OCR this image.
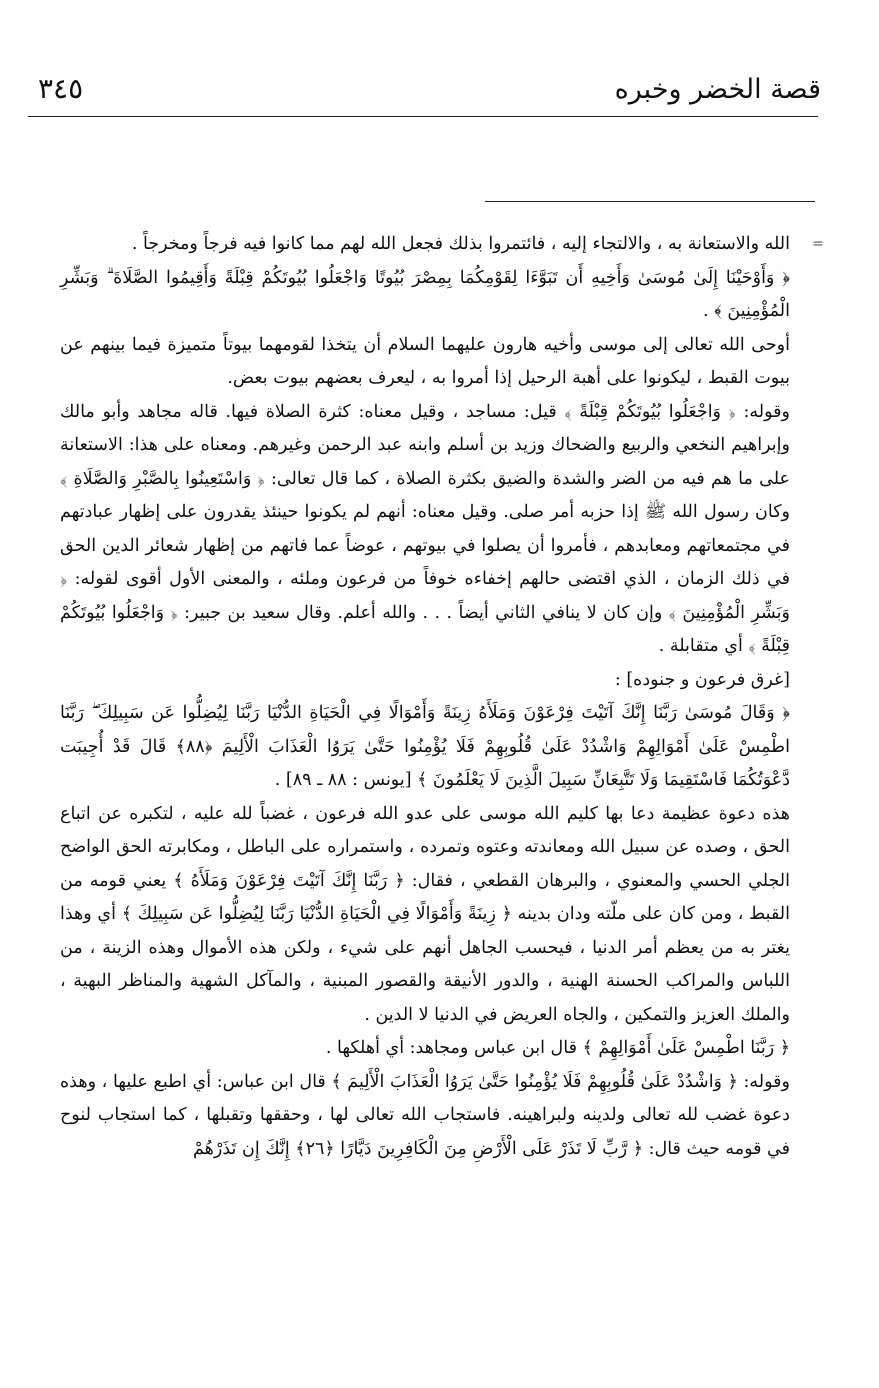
قصة الخضر وخبره
٣٤٥
=

الله والاستعانة به ، والالتجاء إليه ، فائتمروا بذلك فجعل الله لهم مما كانوا فيه فرجاً ومخرجاً .

﴿ وَأَوْحَيْنَا إِلَىٰ مُوسَىٰ وَأَخِيهِ أَن تَبَوَّءَا لِقَوْمِكُمَا بِمِصْرَ بُيُوتًا وَاجْعَلُوا بُيُوتَكُمْ قِبْلَةً وَأَقِيمُوا الصَّلَاةَ ۗ وَبَشِّرِ الْمُؤْمِنِينَ ﴾ .

أوحى الله تعالى إلى موسى وأخيه هارون عليهما السلام أن يتخذا لقومهما بيوتاً متميزة فيما بينهم عن بيوت القبط ، ليكونوا على أهبة الرحيل إذا أمروا به ، ليعرف بعضهم بيوت بعض.

وقوله: ﴿ وَاجْعَلُوا بُيُوتَكُمْ قِبْلَةً ﴾ قيل: مساجد ، وقيل معناه: كثرة الصلاة فيها. قاله مجاهد وأبو مالك وإبراهيم النخعي والربيع والضحاك وزيد بن أسلم وابنه عبد الرحمن وغيرهم. ومعناه على هذا: الاستعانة على ما هم فيه من الضر والشدة والضيق بكثرة الصلاة ، كما قال تعالى: ﴿ وَاسْتَعِينُوا بِالصَّبْرِ وَالصَّلَاةِ ﴾ وكان رسول الله ﷺ إذا حزبه أمر صلى. وقيل معناه: أنهم لم يكونوا حينئذ يقدرون على إظهار عبادتهم في مجتمعاتهم ومعابدهم ، فأمروا أن يصلوا في بيوتهم ، عوضاً عما فاتهم من إظهار شعائر الدين الحق في ذلك الزمان ، الذي اقتضى حالهم إخفاءه خوفاً من فرعون وملئه ، والمعنى الأول أقوى لقوله: ﴿ وَبَشِّرِ الْمُؤْمِنِينَ ﴾ وإن كان لا ينافي الثاني أيضاً . . . والله أعلم. وقال سعيد بن جبير: ﴿ وَاجْعَلُوا بُيُوتَكُمْ قِبْلَةً ﴾ أي متقابلة .

[غرق فرعون و جنوده] :

﴿ وَقَالَ مُوسَىٰ رَبَّنَا إِنَّكَ آتَيْتَ فِرْعَوْنَ وَمَلَأَهُ زِينَةً وَأَمْوَالًا فِي الْحَيَاةِ الدُّنْيَا رَبَّنَا لِيُضِلُّوا عَن سَبِيلِكَ ۖ رَبَّنَا اطْمِسْ عَلَىٰ أَمْوَالِهِمْ وَاشْدُدْ عَلَىٰ قُلُوبِهِمْ فَلَا يُؤْمِنُوا حَتَّىٰ يَرَوُا الْعَذَابَ الْأَلِيمَ ﴿٨٨﴾ قَالَ قَدْ أُجِيبَت دَّعْوَتُكُمَا فَاسْتَقِيمَا وَلَا تَتَّبِعَانِّ سَبِيلَ الَّذِينَ لَا يَعْلَمُونَ ﴾ [يونس : ٨٨ ـ ٨٩] .

هذه دعوة عظيمة دعا بها كليم الله موسى على عدو الله فرعون ، غضباً لله عليه ، لتكبره عن اتباع الحق ، وصده عن سبيل الله ومعاندته وعتوه وتمرده ، واستمراره على الباطل ، ومكابرته الحق الواضح الجلي الحسي والمعنوي ، والبرهان القطعي ، فقال: ﴿ رَبَّنَا إِنَّكَ آتَيْتَ فِرْعَوْنَ وَمَلَأَهُ ﴾ يعني قومه من القبط ، ومن كان على ملّته ودان بدينه ﴿ زِينَةً وَأَمْوَالًا فِي الْحَيَاةِ الدُّنْيَا رَبَّنَا لِيُضِلُّوا عَن سَبِيلِكَ ﴾ أي وهذا يغتر به من يعظم أمر الدنيا ، فيحسب الجاهل أنهم على شيء ، ولكن هذه الأموال وهذه الزينة ، من اللباس والمراكب الحسنة الهنية ، والدور الأنيقة والقصور المبنية ، والمآكل الشهية والمناظر البهية ، والملك العزيز والتمكين ، والجاه العريض في الدنيا لا الدين .

﴿ رَبَّنَا اطْمِسْ عَلَىٰ أَمْوَالِهِمْ ﴾ قال ابن عباس ومجاهد: أي أهلكها .

وقوله: ﴿ وَاشْدُدْ عَلَىٰ قُلُوبِهِمْ فَلَا يُؤْمِنُوا حَتَّىٰ يَرَوُا الْعَذَابَ الْأَلِيمَ ﴾ قال ابن عباس: أي اطبع عليها ، وهذه دعوة غضب لله تعالى ولدينه ولبراهينه. فاستجاب الله تعالى لها ، وحققها وتقبلها ، كما استجاب لنوح في قومه حيث قال: ﴿ رَّبِّ لَا تَذَرْ عَلَى الْأَرْضِ مِنَ الْكَافِرِينَ دَيَّارًا ﴿٢٦﴾ إِنَّكَ إِن تَذَرْهُمْ
